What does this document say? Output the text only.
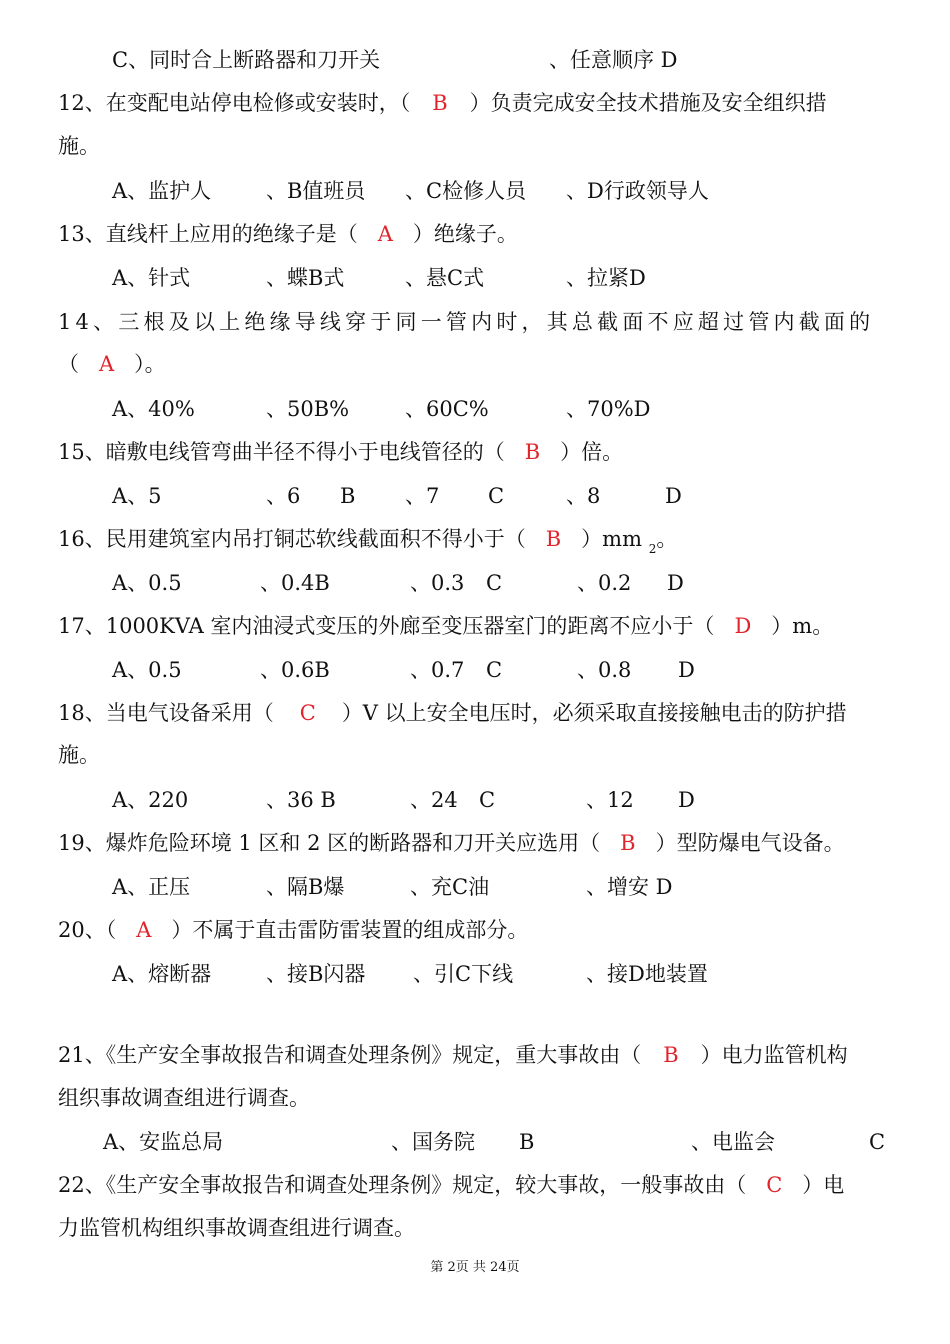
C、同时合上断路器和刀开关	、任意顺序 D
12、在变配电站停电检修或安装时，（ B ）负责完成安全技术措施及安全组织措
施。
A、监护人	、B值班员 、C检修人员 、D行政领导人
13、直线杆上应用的绝缘子是（ A ）绝缘子。
A、针式	、蝶B式	、悬C式	、拉紧D
14、三根及以上绝缘导线穿于同一管内时，其总截面不应超过管内截面的
（ A ）。
A、40%	、50B%	、60C%	、70%D
15、暗敷电线管弯曲半径不得小于电线管径的（ B ）倍。
A、5	、6 B 、7 C	、8	D
16、民用建筑室内吊打铜芯软线截面积不得小于（ B ）mm $_2$。
A、0.5	、0.4B	、0.3 C	、0.2 D
17、1000KVA 室内油浸式变压的外廊至变压器室门的距离不应小于（ D ）m。
A、0.5	、0.6B	、0.7 C	、0.8 D
18、当电气设备采用（ C ）V 以上安全电压时，必须采取直接接触电击的防护措
施。
A、220	、36 B	、24 C	、12 D
19、爆炸危险环境 1 区和 2 区的断路器和刀开关应选用（ B ）型防爆电气设备。
A、正压	、隔B爆	、充C油	、增安 D
20、（ A ）不属于直击雷防雷装置的组成部分。
A、熔断器	、接B闪器 、引C下线	、接D地装置
21、《生产安全事故报告和调查处理条例》规定，重大事故由（ B ）电力监管机构
组织事故调查组进行调查。
A、安监总局	、国务院 B	、电监会	C
22、《生产安全事故报告和调查处理条例》规定，较大事故，一般事故由（ C ）电
力监管机构组织事故调查组进行调查。
第 2页 共 24页
